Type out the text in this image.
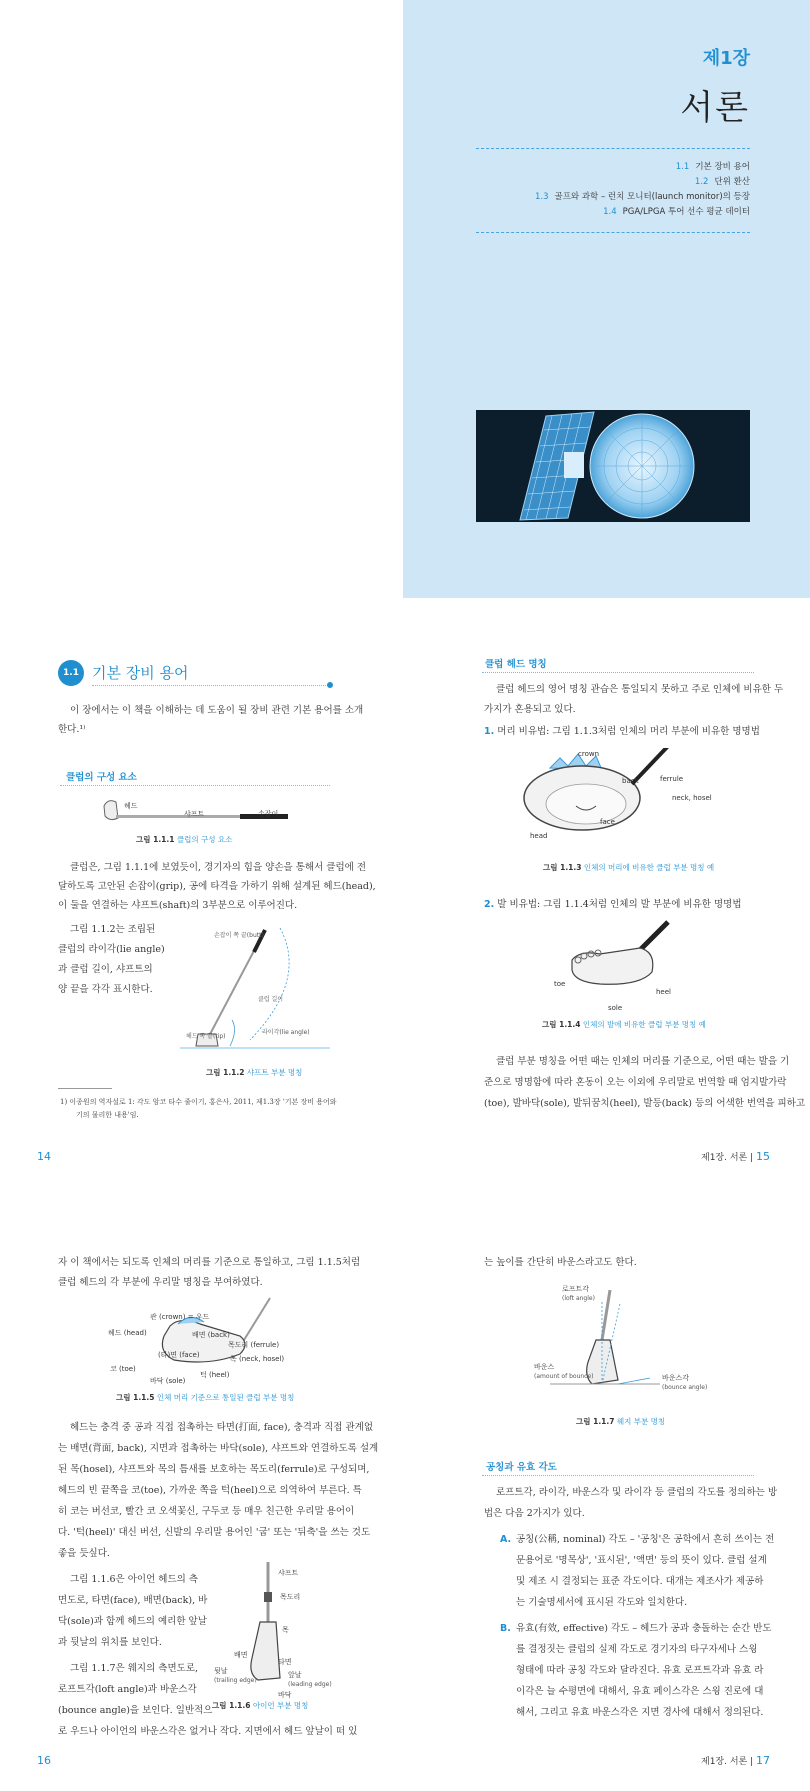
제1장
서론
1.1 기본 장비 용어
1.2 단위 환산
1.3 골프와 과학 – 런치 모니터(launch monitor)의 등장
1.4 PGA/LPGA 투어 선수 평균 데이터
1.1 기본 장비 용어
이 장에서는 이 책을 이해하는 데 도움이 될 장비 관련 기본 용어를 소개
한다.¹⁾
클럽의 구성 요소
헤드
샤프트	손잡이
그림 1.1.1 클럽의 구성 요소
클럽은, 그림 1.1.1에 보였듯이, 경기자의 힘을 양손을 통해서 클럽에 전
달하도록 고안된 손잡이(grip), 공에 타격을 가하기 위해 설계된 헤드(head),
이 둘을 연결하는 샤프트(shaft)의 3부분으로 이루어진다.
그림 1.1.2는 조립된
클럽의 라이각(lie angle)
과 클럽 길이, 샤프트의
양 끝을 각각 표시한다.
손잡이 쪽 끝(butt)
클럽 길이
헤드 쪽 끝(tip)
라이각(lie angle)
그림 1.1.2 샤프트 부분 명칭
1) 이종원의 역자설로 1: 각도 암코 타수 줄이기, 홍은사, 2011, 제1.3장 '기본 장비 용어와
기의 물리한 내용'임.
14
클럽 헤드 명칭
클럽 헤드의 영어 명칭 관습은 통일되지 못하고 주로 인체에 비유한 두
가지가 혼용되고 있다.
1. 머리 비유법: 그림 1.1.3처럼 인체의 머리 부분에 비유한 명명법
crown
back	ferrule
neck, hosel
face
head
그림 1.1.3 인체의 머리에 비유한 클럽 부분 명칭 예
2. 발 비유법: 그림 1.1.4처럼 인체의 발 부분에 비유한 명명법
toe
heel
sole
그림 1.1.4 인체의 발에 비유한 클럽 부분 명칭 예
클럽 부분 명칭을 어떤 때는 인체의 머리를 기준으로, 어떤 때는 발을 기
준으로 명명함에 따라 혼동이 오는 이외에 우리말로 번역할 때 엄지발가락
(toe), 발바닥(sole), 발뒤꿈치(heel), 발등(back) 등의 어색한 번역을 피하고
제1장. 서론 | 15
자 이 책에서는 되도록 인체의 머리를 기준으로 통일하고, 그림 1.1.5처럼
클럽 헤드의 각 부분에 우리말 명칭을 부여하였다.
관 (crown) = 우드
헤드 (head)	배면 (back)
목도리 (ferrule)
(타)면 (face)	목 (neck, hosel)
코 (toe)
턱 (heel)
바닥 (sole)
그림 1.1.5 인체 머리 기준으로 통일된 클럽 부분 명칭
헤드는 충격 중 공과 직접 접촉하는 타면(打面, face), 충격과 직접 관계없
는 배면(背面, back), 지면과 접촉하는 바닥(sole), 샤프트와 연결하도록 설계
된 목(hosel), 샤프트와 목의 틈새를 보호하는 목도리(ferrule)로 구성되며,
헤드의 빈 끝쪽을 코(toe), 가까운 쪽을 턱(heel)으로 의역하여 부른다. 특
히 코는 버선코, 빨간 코 오색꽃신, 구두코 등 매우 친근한 우리말 용어이
다. '턱(heel)' 대신 버선, 신발의 우리말 용어인 '굽' 또는 '뒤축'을 쓰는 것도
좋을 듯싶다.
그림 1.1.6은 아이언 헤드의 측
면도로, 타면(face), 배면(back), 바
닥(sole)과 함께 헤드의 예리한 앞날
과 뒷날의 위치를 보인다.
그림 1.1.7은 웨지의 측면도로,
로프트각(loft angle)과 바운스각
(bounce angle)을 보인다. 일반적으
로 우드나 아이언의 바운스각은 없거나 작다. 지면에서 헤드 앞날이 떠 있
샤프트
목도리
목
배면
타면
뒷날
(trailing edge)
앞날
(leading edge)
바닥
그림 1.1.6 아이언 부분 명칭
16
는 높이를 간단히 바운스라고도 한다.
로프트각
(loft angle)
바운스
(amount of bounce)	바운스각
(bounce angle)
그림 1.1.7 웨지 부분 명칭
공칭과 유효 각도
로프트각, 라이각, 바운스각 및 라이각 등 클럽의 각도를 정의하는 방
법은 다음 2가지가 있다.
A. 공칭(公稱, nominal) 각도 – '공칭'은 공학에서 흔히 쓰이는 전
문용어로 '명목상', '표시된', '액면' 등의 뜻이 있다. 클럽 설계
및 제조 시 결정되는 표준 각도이다. 대개는 제조사가 제공하
는 기술명세서에 표시된 각도와 일치한다.
B. 유효(有效, effective) 각도 – 헤드가 공과 충돌하는 순간 반도
를 결정짓는 클럽의 실제 각도로 경기자의 타구자세나 스윙
형태에 따라 공칭 각도와 달라진다. 유효 로프트각과 유효 라
이각은 늘 수평면에 대해서, 유효 페이스각은 스윙 진로에 대
해서, 그리고 유효 바운스각은 지면 경사에 대해서 정의된다.
제1장. 서론 | 17
